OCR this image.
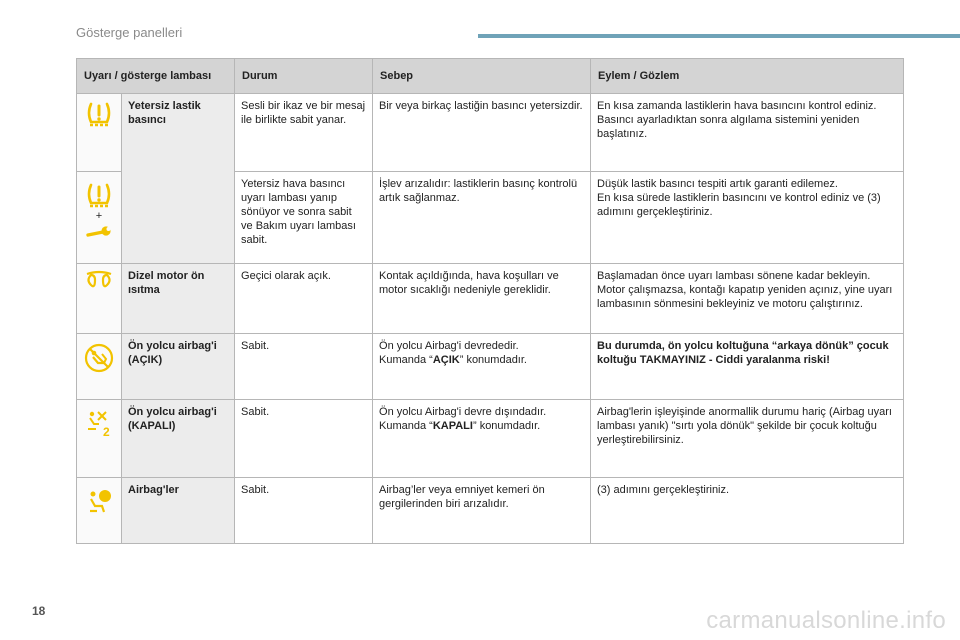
Gösterge panelleri
Uyarı / gösterge lambası		Durum	Sebep	Eylem / Gözlem

	Yetersiz lastik basıncı	Sesli bir ikaz ve bir mesaj ile birlikte sabit yanar.	Bir veya birkaç lastiğin basıncı yetersizdir.	En kısa zamanda lastiklerin hava basıncını kontrol ediniz.
Basıncı ayarladıktan sonra algılama sistemini yeniden başlatınız.

+		Yetersiz hava basıncı uyarı lambası yanıp sönüyor ve sonra sabit ve Bakım uyarı lambası sabit.	İşlev arızalıdır: lastiklerin basınç kontrolü artık sağlanmaz.	Düşük lastik basıncı tespiti artık garanti edilemez.
En kısa sürede lastiklerin basıncını ve kontrol ediniz ve (3) adımını gerçekleştiriniz.

	Dizel motor ön ısıtma	Geçici olarak açık.	Kontak açıldığında, hava koşulları ve motor sıcaklığı nedeniyle gereklidir.	Başlamadan önce uyarı lambası sönene kadar bekleyin.
Motor çalışmazsa, kontağı kapatıp yeniden açınız, yine uyarı lambasının sönmesini bekleyiniz ve motoru çalıştırınız.

	Ön yolcu airbag'i (AÇIK)	Sabit.	Ön yolcu Airbag'i devrededir.
Kumanda “AÇIK” konumdadır.	Bu durumda, ön yolcu koltuğuna “arkaya dönük” çocuk koltuğu TAKMAYINIZ - Ciddi yaralanma riski!

2	Ön yolcu airbag'i (KAPALI)	Sabit.	Ön yolcu Airbag'i devre dışındadır.
Kumanda “KAPALI” konumdadır.	Airbag'lerin işleyişinde anormallik durumu hariç (Airbag uyarı lambası yanık) "sırtı yola dönük" şekilde bir çocuk koltuğu yerleştirebilirsiniz.

	Airbag'ler	Sabit.	Airbag’ler veya emniyet kemeri ön gergilerinden biri arızalıdır.	(3) adımını gerçekleştiriniz.
18	carmanualsonline.info
